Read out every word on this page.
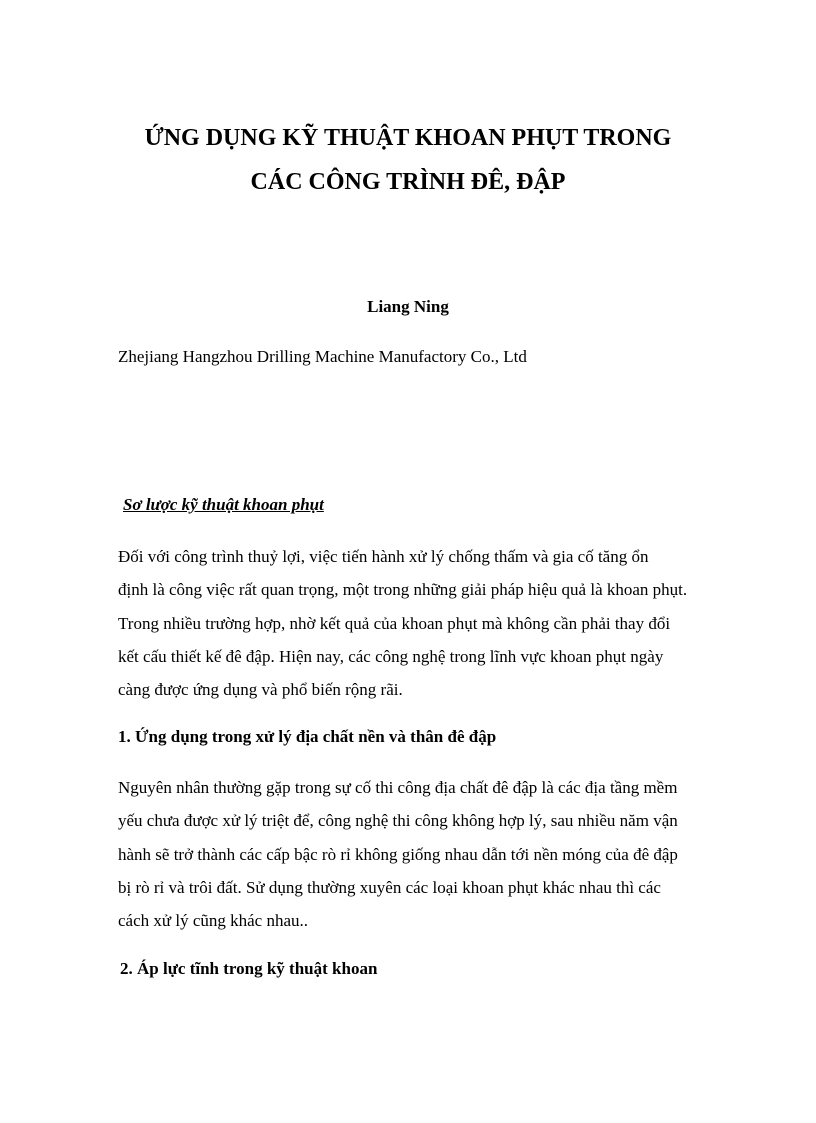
ỨNG DỤNG KỸ THUẬT KHOAN PHỤT TRONG
CÁC CÔNG TRÌNH ĐÊ, ĐẬP
Liang Ning
Zhejiang Hangzhou Drilling Machine Manufactory Co., Ltd
Sơ lược kỹ thuật khoan phụt
Đối với công trình thuỷ lợi, việc tiến hành xử lý chống thấm và gia cố tăng ổn
định là công việc rất quan trọng, một trong những giải pháp hiệu quả là khoan phụt.
Trong nhiều trường hợp, nhờ kết quả của khoan phụt mà không cần phải thay đổi
kết cấu thiết kế đê đập. Hiện nay, các công nghệ trong lĩnh vực khoan phụt ngày
càng được ứng dụng và phổ biến rộng rãi.
1. Ứng dụng trong xử lý địa chất nền và thân đê đập
Nguyên nhân thường gặp trong sự cố thi công địa chất đê đập là các địa tầng mềm
yếu chưa được xử lý triệt để, công nghệ thi công không hợp lý, sau nhiều năm vận
hành sẽ trở thành các cấp bậc rò rỉ không giống nhau dẫn tới nền móng của đê đập
bị rò rỉ và trôi đất. Sử dụng thường xuyên các loại khoan phụt khác nhau thì các
cách xử lý cũng khác nhau..
2. Áp lực tĩnh trong kỹ thuật khoan
